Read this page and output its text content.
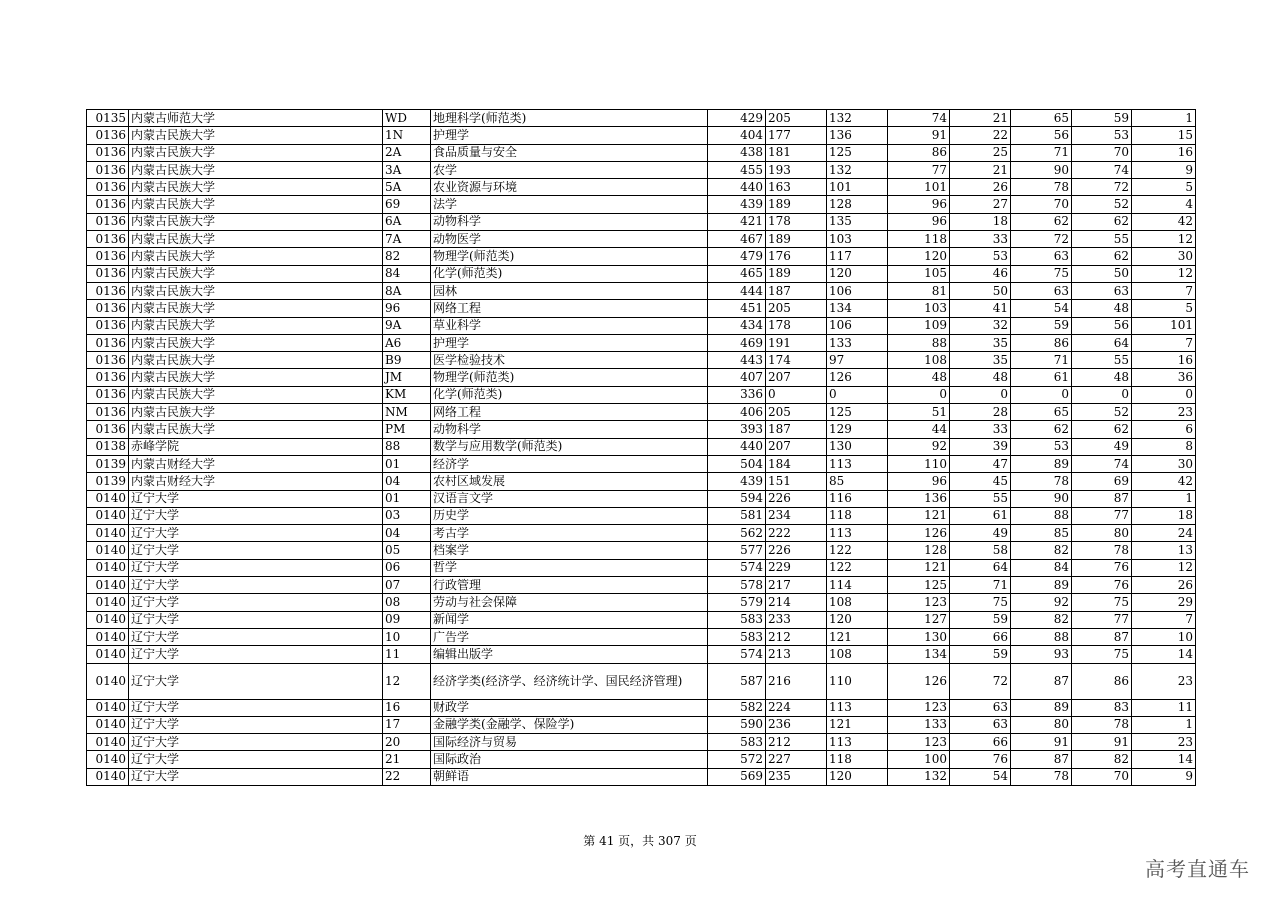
0135	内蒙古师范大学	WD	地理科学(师范类)	429	205	132	74	21	65	59	1
0136	内蒙古民族大学	1N	护理学	404	177	136	91	22	56	53	15
0136	内蒙古民族大学	2A	食品质量与安全	438	181	125	86	25	71	70	16
0136	内蒙古民族大学	3A	农学	455	193	132	77	21	90	74	9
0136	内蒙古民族大学	5A	农业资源与环境	440	163	101	101	26	78	72	5
0136	内蒙古民族大学	69	法学	439	189	128	96	27	70	52	4
0136	内蒙古民族大学	6A	动物科学	421	178	135	96	18	62	62	42
0136	内蒙古民族大学	7A	动物医学	467	189	103	118	33	72	55	12
0136	内蒙古民族大学	82	物理学(师范类)	479	176	117	120	53	63	62	30
0136	内蒙古民族大学	84	化学(师范类)	465	189	120	105	46	75	50	12
0136	内蒙古民族大学	8A	园林	444	187	106	81	50	63	63	7
0136	内蒙古民族大学	96	网络工程	451	205	134	103	41	54	48	5
0136	内蒙古民族大学	9A	草业科学	434	178	106	109	32	59	56	101
0136	内蒙古民族大学	A6	护理学	469	191	133	88	35	86	64	7
0136	内蒙古民族大学	B9	医学检验技术	443	174	97	108	35	71	55	16
0136	内蒙古民族大学	JM	物理学(师范类)	407	207	126	48	48	61	48	36
0136	内蒙古民族大学	KM	化学(师范类)	336	0	0	0	0	0	0	0
0136	内蒙古民族大学	NM	网络工程	406	205	125	51	28	65	52	23
0136	内蒙古民族大学	PM	动物科学	393	187	129	44	33	62	62	6
0138	赤峰学院	88	数学与应用数学(师范类)	440	207	130	92	39	53	49	8
0139	内蒙古财经大学	01	经济学	504	184	113	110	47	89	74	30
0139	内蒙古财经大学	04	农村区域发展	439	151	85	96	45	78	69	42
0140	辽宁大学	01	汉语言文学	594	226	116	136	55	90	87	1
0140	辽宁大学	03	历史学	581	234	118	121	61	88	77	18
0140	辽宁大学	04	考古学	562	222	113	126	49	85	80	24
0140	辽宁大学	05	档案学	577	226	122	128	58	82	78	13
0140	辽宁大学	06	哲学	574	229	122	121	64	84	76	12
0140	辽宁大学	07	行政管理	578	217	114	125	71	89	76	26
0140	辽宁大学	08	劳动与社会保障	579	214	108	123	75	92	75	29
0140	辽宁大学	09	新闻学	583	233	120	127	59	82	77	7
0140	辽宁大学	10	广告学	583	212	121	130	66	88	87	10
0140	辽宁大学	11	编辑出版学	574	213	108	134	59	93	75	14
0140	辽宁大学	12	经济学类(经济学、经济统计学、国民经济管理)	587	216	110	126	72	87	86	23
0140	辽宁大学	16	财政学	582	224	113	123	63	89	83	11
0140	辽宁大学	17	金融学类(金融学、保险学)	590	236	121	133	63	80	78	1
0140	辽宁大学	20	国际经济与贸易	583	212	113	123	66	91	91	23
0140	辽宁大学	21	国际政治	572	227	118	100	76	87	82	14
0140	辽宁大学	22	朝鲜语	569	235	120	132	54	78	70	9
第 41 页，共 307 页
高考直通车
